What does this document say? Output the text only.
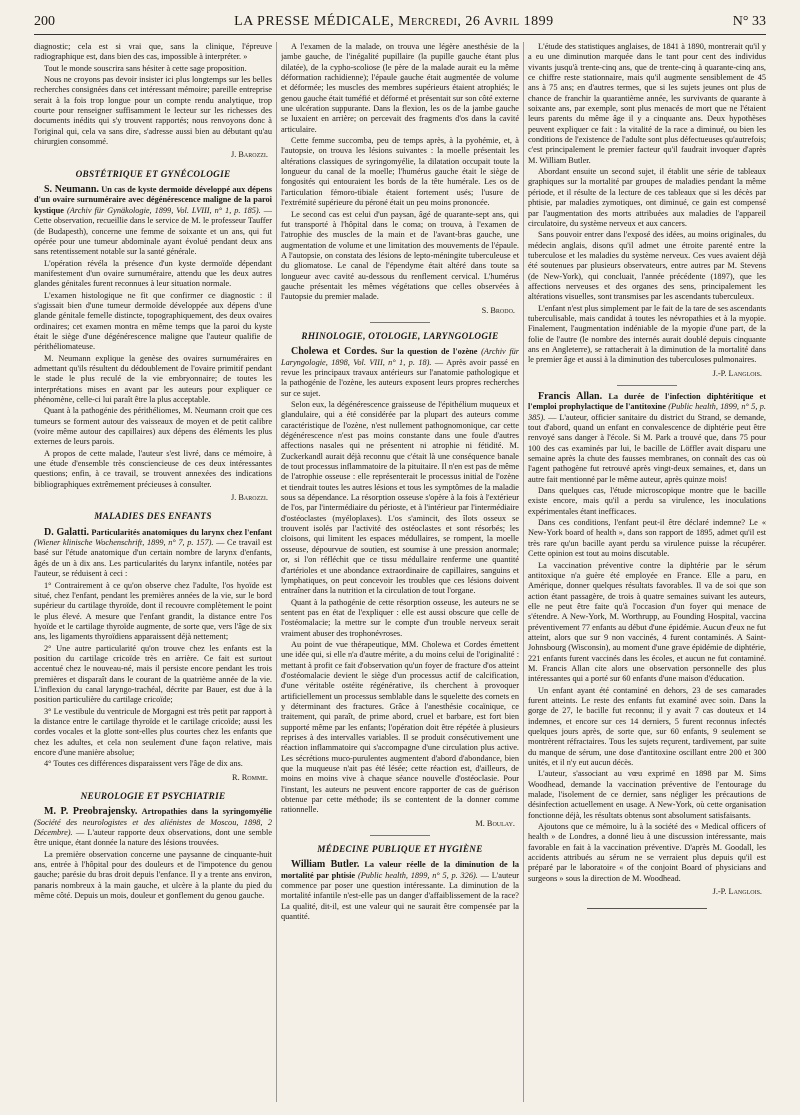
200	LA PRESSE MÉDICALE, Mercredi, 26 Avril 1899	N° 33

diagnostic; cela est si vrai que, sans la clinique, l'épreuve radiographique est, dans bien des cas, impossible à interpréter. »

Tout le monde souscrira sans hésiter à cette sage proposition.

Nous ne croyons pas devoir insister ici plus longtemps sur les belles recherches consignées dans cet intéressant mémoire; pareille entreprise serait à la fois trop longue pour un compte rendu analytique, trop courte pour renseigner suffisamment le lecteur sur les richesses des documents inédits qui s'y trouvent rapportés; nous renvoyons donc à l'original qui, cela va sans dire, s'adresse aussi bien au débutant qu'au chirurgien consommé.

J. Barozzi.
OBSTÉTRIQUE ET GYNÉCOLOGIE

S. Neumann. Un cas de kyste dermoïde développé aux dépens d'un ovaire surnuméraire avec dégénérescence maligne de la paroi kystique (Archiv für Gynäkologie, 1899, Vol. LVIII, n° 1, p. 185). — Cette observation, recueillie dans le service de M. le professeur Tauffer (de Budapesth), concerne une femme de soixante et un ans, qui fut opérée pour une tumeur abdominale ayant évolué pendant deux ans sans retentissement notable sur la santé générale.

L'opération révéla la présence d'un kyste dermoïde dépendant manifestement d'un ovaire surnuméraire, attendu que les deux autres glandes génitales furent reconnues à leur situation normale.

L'examen histologique ne fit que confirmer ce diagnostic : il s'agissait bien d'une tumeur dermoïde développée aux dépens d'une glande génitale femelle distincte, topographiquement, des deux ovaires ordinaires; cet examen montra en même temps que la paroi du kyste était le siège d'une dégénérescence maligne que l'auteur qualifie de périthéliomateuse.

M. Neumann explique la genèse des ovaires surnuméraires en admettant qu'ils résultent du dédoublement de l'ovaire primitif pendant le stade le plus reculé de la vie embryonnaire; de toutes les interprétations mises en avant par les auteurs pour expliquer ce phénomène, celle-ci lui paraît être la plus acceptable.

Quant à la pathogénie des périthéliomes, M. Neumann croit que ces tumeurs se forment autour des vaisseaux de moyen et de petit calibre (voire même autour des capillaires) aux dépens des éléments les plus externes de leurs parois.

A propos de cette malade, l'auteur s'est livré, dans ce mémoire, à une étude d'ensemble très consciencieuse de ces deux intéressantes questions; enfin, à ce travail, se trouvent annexées des indications bibliographiques extrêmement précieuses à consulter.

J. Barozzi.
MALADIES DES ENFANTS

D. Galatti. Particularités anatomiques du larynx chez l'enfant (Wiener klinische Wochenschrift, 1899, n° 7, p. 157). — Ce travail est basé sur l'étude anatomique d'un certain nombre de larynx d'enfants, âgés de un à dix ans. Les particularités du larynx infantile, notées par l'auteur, se réduisent à ceci :

1° Contrairement à ce qu'on observe chez l'adulte, l'os hyoïde est situé, chez l'enfant, pendant les premières années de la vie, sur le bord supérieur du cartilage thyroïde, dont il recouvre complètement le point le plus élevé. A mesure que l'enfant grandit, la distance entre l'os hyoïde et le cartilage thyroïde augmente, de sorte que, vers l'âge de six ans, les ligaments thyroïdiens apparaissent déjà nettement;

2° Une autre particularité qu'on trouve chez les enfants est la position du cartilage cricoïde très en arrière. Ce fait est surtout accentué chez le nouveau-né, mais il persiste encore pendant les trois premières et disparaît dans le courant de la quatrième année de la vie. L'inflexion du canal laryngo-trachéal, décrite par Bauer, est due à la position particulière du cartilage cricoïde;

3° Le vestibule du ventricule de Morgagni est très petit par rapport à la distance entre le cartilage thyroïde et le cartilage cricoïde; aussi les cordes vocales et la glotte sont-elles plus courtes chez les enfants que chez les adultes, et cela non seulement d'une façon relative, mais encore d'une manière absolue;

4° Toutes ces différences disparaissent vers l'âge de dix ans.

R. Romme.
NEUROLOGIE ET PSYCHIATRIE

M. P. Preobrajensky. Artropathies dans la syringomyélie (Société des neurologistes et des aliénistes de Moscou, 1898, 2 Décembre). — L'auteur rapporte deux observations, dont une semble être unique, étant donnée la nature des lésions trouvées.

La première observation concerne une paysanne de cinquante-huit ans, entrée à l'hôpital pour des douleurs et de l'impotence du genou gauche; parésie du bras droit depuis l'enfance. Il y a trente ans environ, panaris nombreux à la main gauche, et ulcère à la plante du pied du même côté. Depuis un mois, douleur et gonflement du genou gauche.

A l'examen de la malade, on trouva une légère anesthésie de la jambe gauche, de l'inégalité pupillaire (la pupille gauche étant plus dilatée), de la cypho-scoliose (le père de la malade aurait eu la même déformation rachidienne); l'épaule gauche était augmentée de volume et déformée; les muscles des membres supérieurs étaient atrophiés; le genou gauche était tuméfié et déformé et présentait sur son côté externe une ulcération suppurante. Dans la flexion, les os de la jambe gauche se luxaient en arrière; on percevait des fragments d'os dans la cavité articulaire.

Cette femme succomba, peu de temps après, à la pyohémie, et, à l'autopsie, on trouva les lésions suivantes : la moelle présentait les altérations classiques de syringomyélie, la dilatation occupait toute la longueur du canal de la moelle; l'humérus gauche était le siège de fongosités qui entouraient les bords de la tête humérale. Les os de l'articulation fémoro-tibiale étaient fortement usés; l'usure de l'extrémité supérieure du péroné était un peu moins prononcée.

Le second cas est celui d'un paysan, âgé de quarante-sept ans, qui fut transporté à l'hôpital dans le coma; on trouva, à l'examen de l'atrophie des muscles de la main et de l'avant-bras gauche, une augmentation de volume et une limitation des mouvements de l'épaule. A l'autopsie, on constata des lésions de lepto-méningite tuberculeuse et du gliomatose. Le canal de l'épendyme était altéré dans toute sa longueur avec cavité au-dessous du renflement cervical. L'humérus gauche présentait les mêmes végétations que celles observées à l'autopsie du premier malade.

S. Brodo.
RHINOLOGIE, OTOLOGIE, LARYNGOLOGIE

Cholewa et Cordes. Sur la question de l'ozène (Archiv für Laryngologie, 1898, Vol. VIII, n° 1, p. 18). — Après avoir passé en revue les principaux travaux antérieurs sur l'anatomie pathologique et la pathogénie de l'ozène, les auteurs exposent leurs propres recherches sur ce sujet.

Selon eux, la dégénérescence graisseuse de l'épithélium muqueux et glandulaire, qui a été considérée par la plupart des auteurs comme caractéristique de l'ozène, n'est nullement pathognomonique, car cette dégénérescence n'est pas moins constante dans une foule d'autres affections nasales qui ne présentent ni atrophie ni fétidité. M. Zuckerkandl aurait déjà reconnu que c'était là une conséquence banale de tout processus inflammatoire de la pituitaire. Il n'en est pas de même de l'atrophie osseuse : elle représenterait le processus initial de l'ozène et tiendrait toutes les autres lésions et tous les symptômes de la maladie sous sa dépendance. La résorption osseuse s'opère à la fois à l'extérieur de l'os, par l'intermédiaire du périoste, et à l'intérieur par l'intermédiaire d'ostéoclastes (myéloplaxes). L'os s'amincit, des îlots osseux se trouvent isolés par l'activité des ostéoclastes et sont résorbés; les cloisons, qui limitent les espaces médullaires, se rompent, la moelle osseuse, dépourvue de soutien, est soumise à une pression anormale; or, si l'on réfléchit que ce tissu médullaire renferme une quantité d'artérioles et une abondance extraordinaire de capillaires, sanguins et lymphatiques, on peut concevoir les troubles que ces lésions doivent entraîner dans la nutrition et la circulation de tout l'organe.

Quant à la pathogénie de cette résorption osseuse, les auteurs ne se sentent pas en état de l'expliquer : elle est aussi obscure que celle de l'ostéomalacie; la mettre sur le compte d'un trouble nerveux serait vraiment abuser des trophonévroses.

Au point de vue thérapeutique, MM. Cholewa et Cordes émettent une idée qui, si elle n'a d'autre mérite, a du moins celui de l'originalité : mettant à profit ce fait d'observation qu'un foyer de fracture d'os atteint d'ostéomalacie devient le siège d'un processus actif de calcification, d'une véritable ostéite régénérative, ils cherchent à provoquer artificiellement un processus semblable dans le squelette des cornets en y déterminant des fractures. Grâce à l'anesthésie cocaïnique, ce traitement, qui paraît, de prime abord, cruel et barbare, est fort bien supporté même par les enfants; l'opération doit être répétée à plusieurs reprises à des intervalles variables. Il se produit consécutivement une réaction inflammatoire qui s'accompagne d'une circulation plus active. Les sécrétions muco-purulentes augmentent d'abord d'abondance, bien que la muqueuse n'ait pas été lésée; cette réaction est, d'ailleurs, de moins en moins vive à chaque séance nouvelle d'ostéoclasie. Pour l'instant, les auteurs ne peuvent encore rapporter de cas de guérison obtenue par cette méthode; ils se contentent de la donner comme rationnelle.

M. Boulay.
MÉDECINE PUBLIQUE ET HYGIÈNE

William Butler. La valeur réelle de la diminution de la mortalité par phtisie (Public health, 1899, n° 5, p. 326). — L'auteur commence par poser une question intéressante. La diminution de la mortalité infantile n'est-elle pas un danger d'affaiblissement de la race? La qualité, dit-il, est une valeur qui ne saurait être compensée par la quantité.

L'étude des statistiques anglaises, de 1841 à 1890, montrerait qu'il y a eu une diminution marquée dans le tant pour cent des individus vivants jusqu'à trente-cinq ans, que de trente-cinq à quarante-cinq ans, ce chiffre reste stationnaire, mais qu'il augmente sensiblement de 45 ans à 75 ans; en d'autres termes, que si les sujets jeunes ont plus de chance de franchir la quarantième année, les survivants de quarante à soixante ans, par exemple, sont plus menacés de mort que ne l'étaient leurs parents du même âge il y a cinquante ans. Deux hypothèses peuvent expliquer ce fait : la vitalité de la race a diminué, ou bien les conditions de l'existence de l'adulte sont plus défectueuses qu'autrefois; c'est principalement le premier facteur qu'il faudrait invoquer d'après M. William Butler.

Abordant ensuite un second sujet, il établit une série de tableaux graphiques sur la mortalité par groupes de maladies pendant la même période, et il résulte de la lecture de ces tableaux que si les décès par phtisie, par maladies zymotiques, ont diminué, ce gain est compensé par l'augmentation des morts attribuées aux maladies de l'appareil circulatoire, du système nerveux et aux cancers.

Sans pouvoir entrer dans l'exposé des idées, au moins originales, du médecin anglais, disons qu'il admet une étroite parenté entre la tuberculose et les maladies du système nerveux. Ces vues avaient déjà été soutenues par plusieurs observateurs, entre autres par M. Stevens (de New-York), qui concluait, l'année précédente (1897), que les affections nerveuses et des organes des sens, principalement les altérations visuelles, sont transmises par les ascendants tuberculeux.

L'enfant n'est plus simplement par le fait de la tare de ses ascendants tuberculisable, mais candidat à toutes les névropathies et à la myopie. Finalement, l'augmentation indéniable de la myopie d'une part, de la folie de l'autre (le nombre des internés aurait doublé depuis cinquante ans en Angleterre), se rattacherait à la diminution de la mortalité dans le premier âge et aussi à la diminution des tuberculoses pulmonaires.

J.-P. Langlois.

Francis Allan. La durée de l'infection diphtéritique et l'emploi prophylactique de l'antitoxine (Public health, 1899, n° 5, p. 385). — L'auteur, officier sanitaire du district du Strand, se demande, tout d'abord, quand un enfant en convalescence de diphtérie peut être renvoyé sans danger à l'école. Si M. Park a trouvé que, dans 75 pour 100 des cas examinés par lui, le bacille de Löffler avait disparu une semaine après la chute des fausses membranes, on connaît des cas où l'agent pathogène fut retrouvé après vingt-deux semaines, et, dans un autre fait mentionné par le même auteur, après quinze mois!

Dans quelques cas, l'étude microscopique montre que le bacille existe encore, mais qu'il a perdu sa virulence, les inoculations expérimentales étant inefficaces.

Dans ces conditions, l'enfant peut-il être déclaré indemne? Le « New-York board of health », dans son rapport de 1895, admet qu'il est très rare qu'un bacille ayant perdu sa virulence puisse la récupérer. Cette opinion est tout au moins discutable.

La vaccination préventive contre la diphtérie par le sérum antitoxique n'a guère été employée en France. Elle a paru, en Amérique, donner quelques résultats favorables. Il va de soi que son action étant passagère, de trois à quatre semaines suivant les auteurs, elle ne peut être faite qu'à l'occasion d'un foyer qui menace de s'étendre. A New-York, M. Worthrupp, au Founding Hospital, vaccina préventivement 77 enfants au début d'une épidémie. Aucun d'eux ne fut atteint, alors que sur 9 non vaccinés, 4 furent contaminés. A Saint-Johnsbourg (Wisconsin), au moment d'une grave épidémie de diphtérie, 221 enfants furent vaccinés dans les écoles, et aucun ne fut contaminé. M. Francis Allan cite alors une observation personnelle des plus intéressantes qui a porté sur 60 enfants d'une maison d'éducation.

Un enfant ayant été contaminé en dehors, 23 de ses camarades furent atteints. Le reste des enfants fut examiné avec soin. Dans la gorge de 27, le bacille fut reconnu; il y avait 7 cas douteux et 14 indemnes, et encore sur ces 14 derniers, 5 furent reconnus infectés quelques jours après, de sorte que, sur 60 enfants, 9 seulement se montrèrent réfractaires. Tous les sujets reçurent, tardivement, par suite du manque de sérum, une dose d'antitoxine oscillant entre 200 et 300 unités, et il n'y eut aucun décès.

L'auteur, s'associant au vœu exprimé en 1898 par M. Sims Woodhead, demande la vaccination préventive de l'entourage du malade, l'isolement de ce dernier, sans négliger les précautions de désinfection actuellement en usage. A New-York, où cette organisation fonctionne déjà, les résultats obtenus sont absolument satisfaisants.

Ajoutons que ce mémoire, lu à la société des « Medical officers of health » de Londres, a donné lieu à une discussion intéressante, mais favorable en fait à la vaccination préventive. D'après M. Goodall, les accidents attribués au sérum ne se verraient plus depuis qu'il est préparé par le laboratoire « of the conjoint Board of physicians and surgeons » sous la direction de M. Woodhead.

J.-P. Langlois.
